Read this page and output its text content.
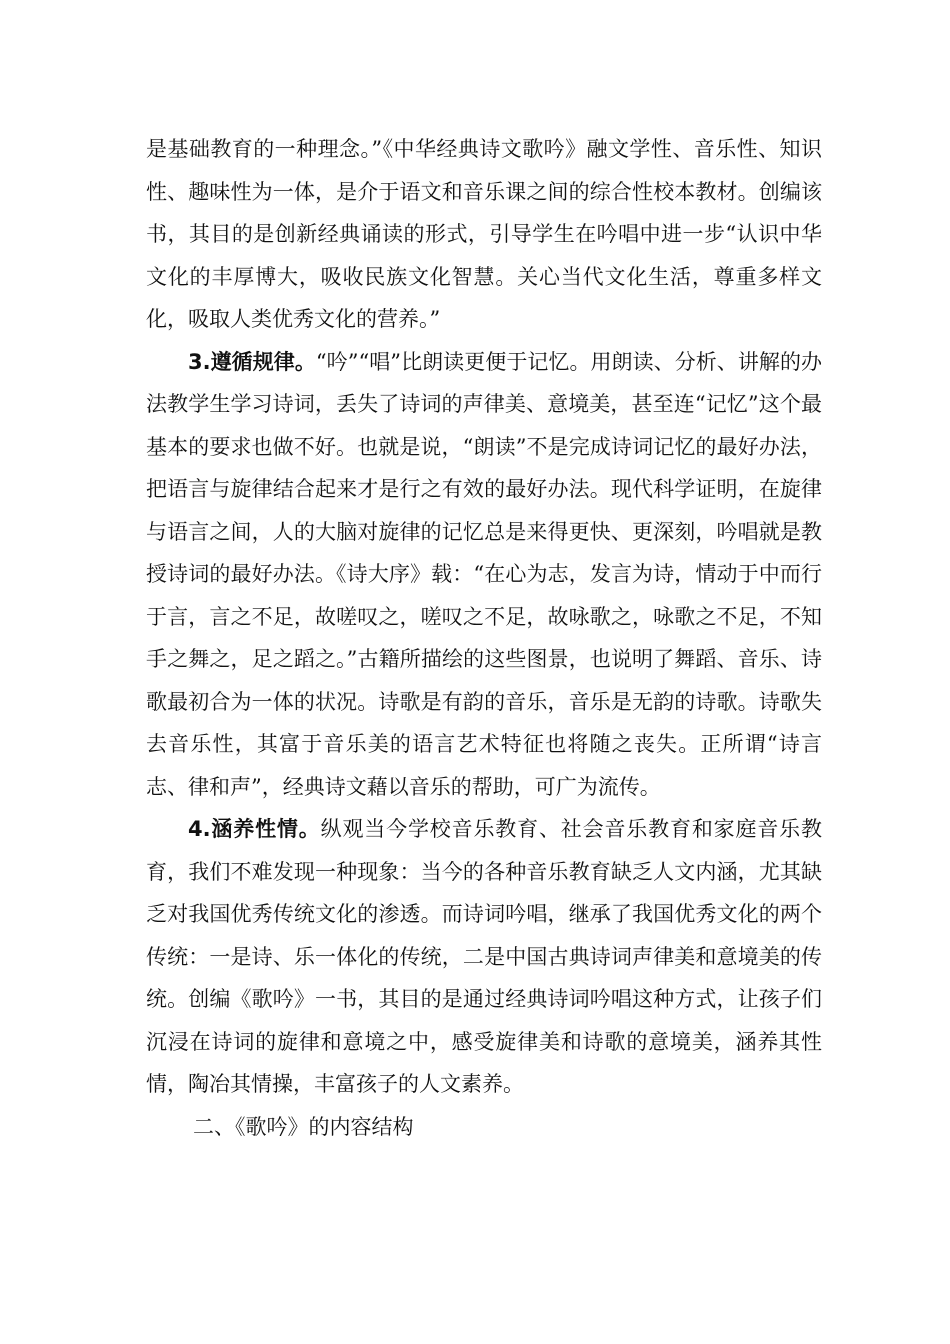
是基础教育的一种理念。”《中华经典诗文歌吟》融文学性、音乐性、知识性、趣味性为一体，是介于语文和音乐课之间的综合性校本教材。创编该书，其目的是创新经典诵读的形式，引导学生在吟唱中进一步“认识中华文化的丰厚博大，吸收民族文化智慧。关心当代文化生活，尊重多样文化，吸取人类优秀文化的营养。”

3.遵循规律。“吟”“唱”比朗读更便于记忆。用朗读、分析、讲解的办法教学生学习诗词，丢失了诗词的声律美、意境美，甚至连“记忆”这个最基本的要求也做不好。也就是说，“朗读”不是完成诗词记忆的最好办法，把语言与旋律结合起来才是行之有效的最好办法。现代科学证明，在旋律与语言之间，人的大脑对旋律的记忆总是来得更快、更深刻，吟唱就是教授诗词的最好办法。《诗大序》载：“在心为志，发言为诗，情动于中而行于言，言之不足，故嗟叹之，嗟叹之不足，故咏歌之，咏歌之不足，不知手之舞之，足之蹈之。”古籍所描绘的这些图景，也说明了舞蹈、音乐、诗歌最初合为一体的状况。诗歌是有韵的音乐，音乐是无韵的诗歌。诗歌失去音乐性，其富于音乐美的语言艺术特征也将随之丧失。正所谓“诗言志、律和声”，经典诗文藉以音乐的帮助，可广为流传。

4.涵养性情。纵观当今学校音乐教育、社会音乐教育和家庭音乐教育，我们不难发现一种现象：当今的各种音乐教育缺乏人文内涵，尤其缺乏对我国优秀传统文化的渗透。而诗词吟唱，继承了我国优秀文化的两个传统：一是诗、乐一体化的传统，二是中国古典诗词声律美和意境美的传统。创编《歌吟》一书，其目的是通过经典诗词吟唱这种方式，让孩子们沉浸在诗词的旋律和意境之中，感受旋律美和诗歌的意境美，涵养其性情，陶冶其情操，丰富孩子的人文素养。

二、《歌吟》的内容结构
